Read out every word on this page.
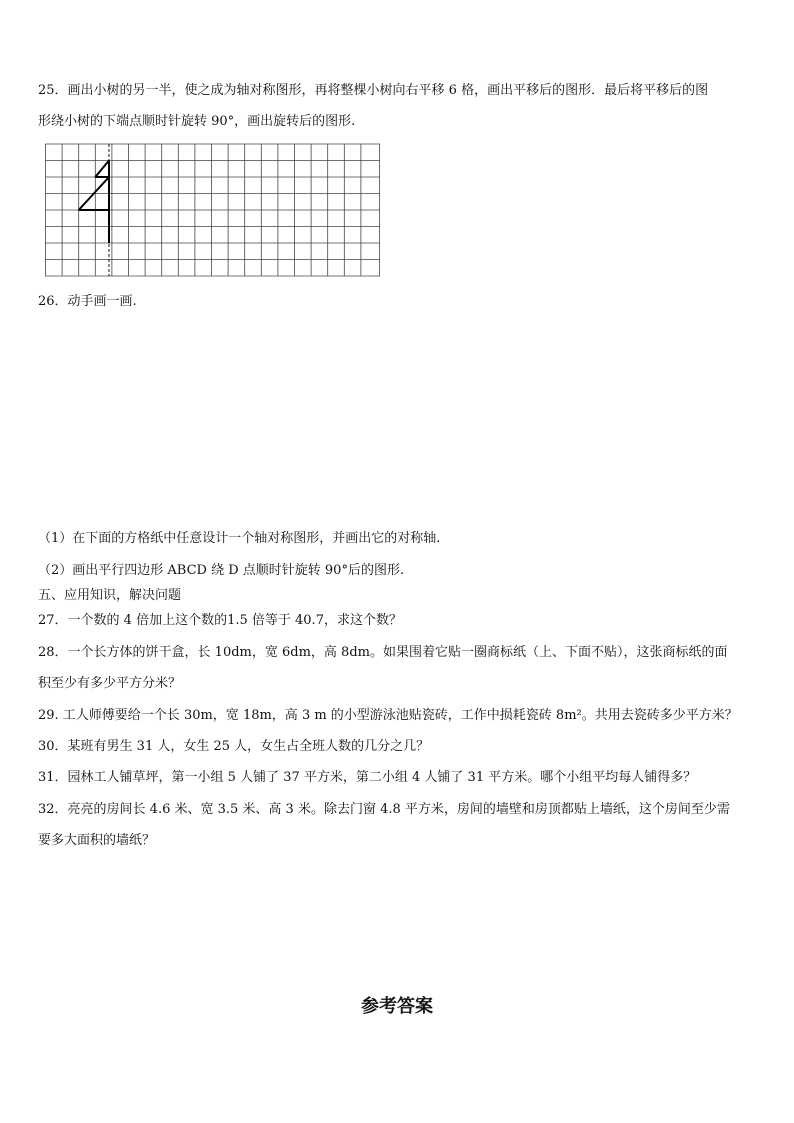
25．画出小树的另一半，使之成为轴对称图形，再将整棵小树向右平移 6 格，画出平移后的图形．最后将平移后的图
形绕小树的下端点顺时针旋转 90°，画出旋转后的图形.
26．动手画一画.
（1）在下面的方格纸中任意设计一个轴对称图形，并画出它的对称轴.
（2）画出平行四边形 ABCD 绕 D 点顺时针旋转 90°后的图形.
五、应用知识，解决问题
27．一个数的 4 倍加上这个数的1.5 倍等于 40.7，求这个数？
28．一个长方体的饼干盒，长 10dm，宽 6dm，高 8dm。如果围着它贴一圈商标纸（上、下面不贴），这张商标纸的面
积至少有多少平方分米？
29. 工人师傅要给一个长 30m，宽 18m，高 3 m 的小型游泳池贴瓷砖，工作中损耗瓷砖 8m²。共用去瓷砖多少平方米？
30．某班有男生 31 人，女生 25 人，女生占全班人数的几分之几？
31．园林工人铺草坪，第一小组 5 人铺了 37 平方米，第二小组 4 人铺了 31 平方米。哪个小组平均每人铺得多？
32．亮亮的房间长 4.6 米、宽 3.5 米、高 3 米。除去门窗 4.8 平方米，房间的墙壁和房顶都贴上墙纸，这个房间至少需
要多大面积的墙纸？
参考答案
